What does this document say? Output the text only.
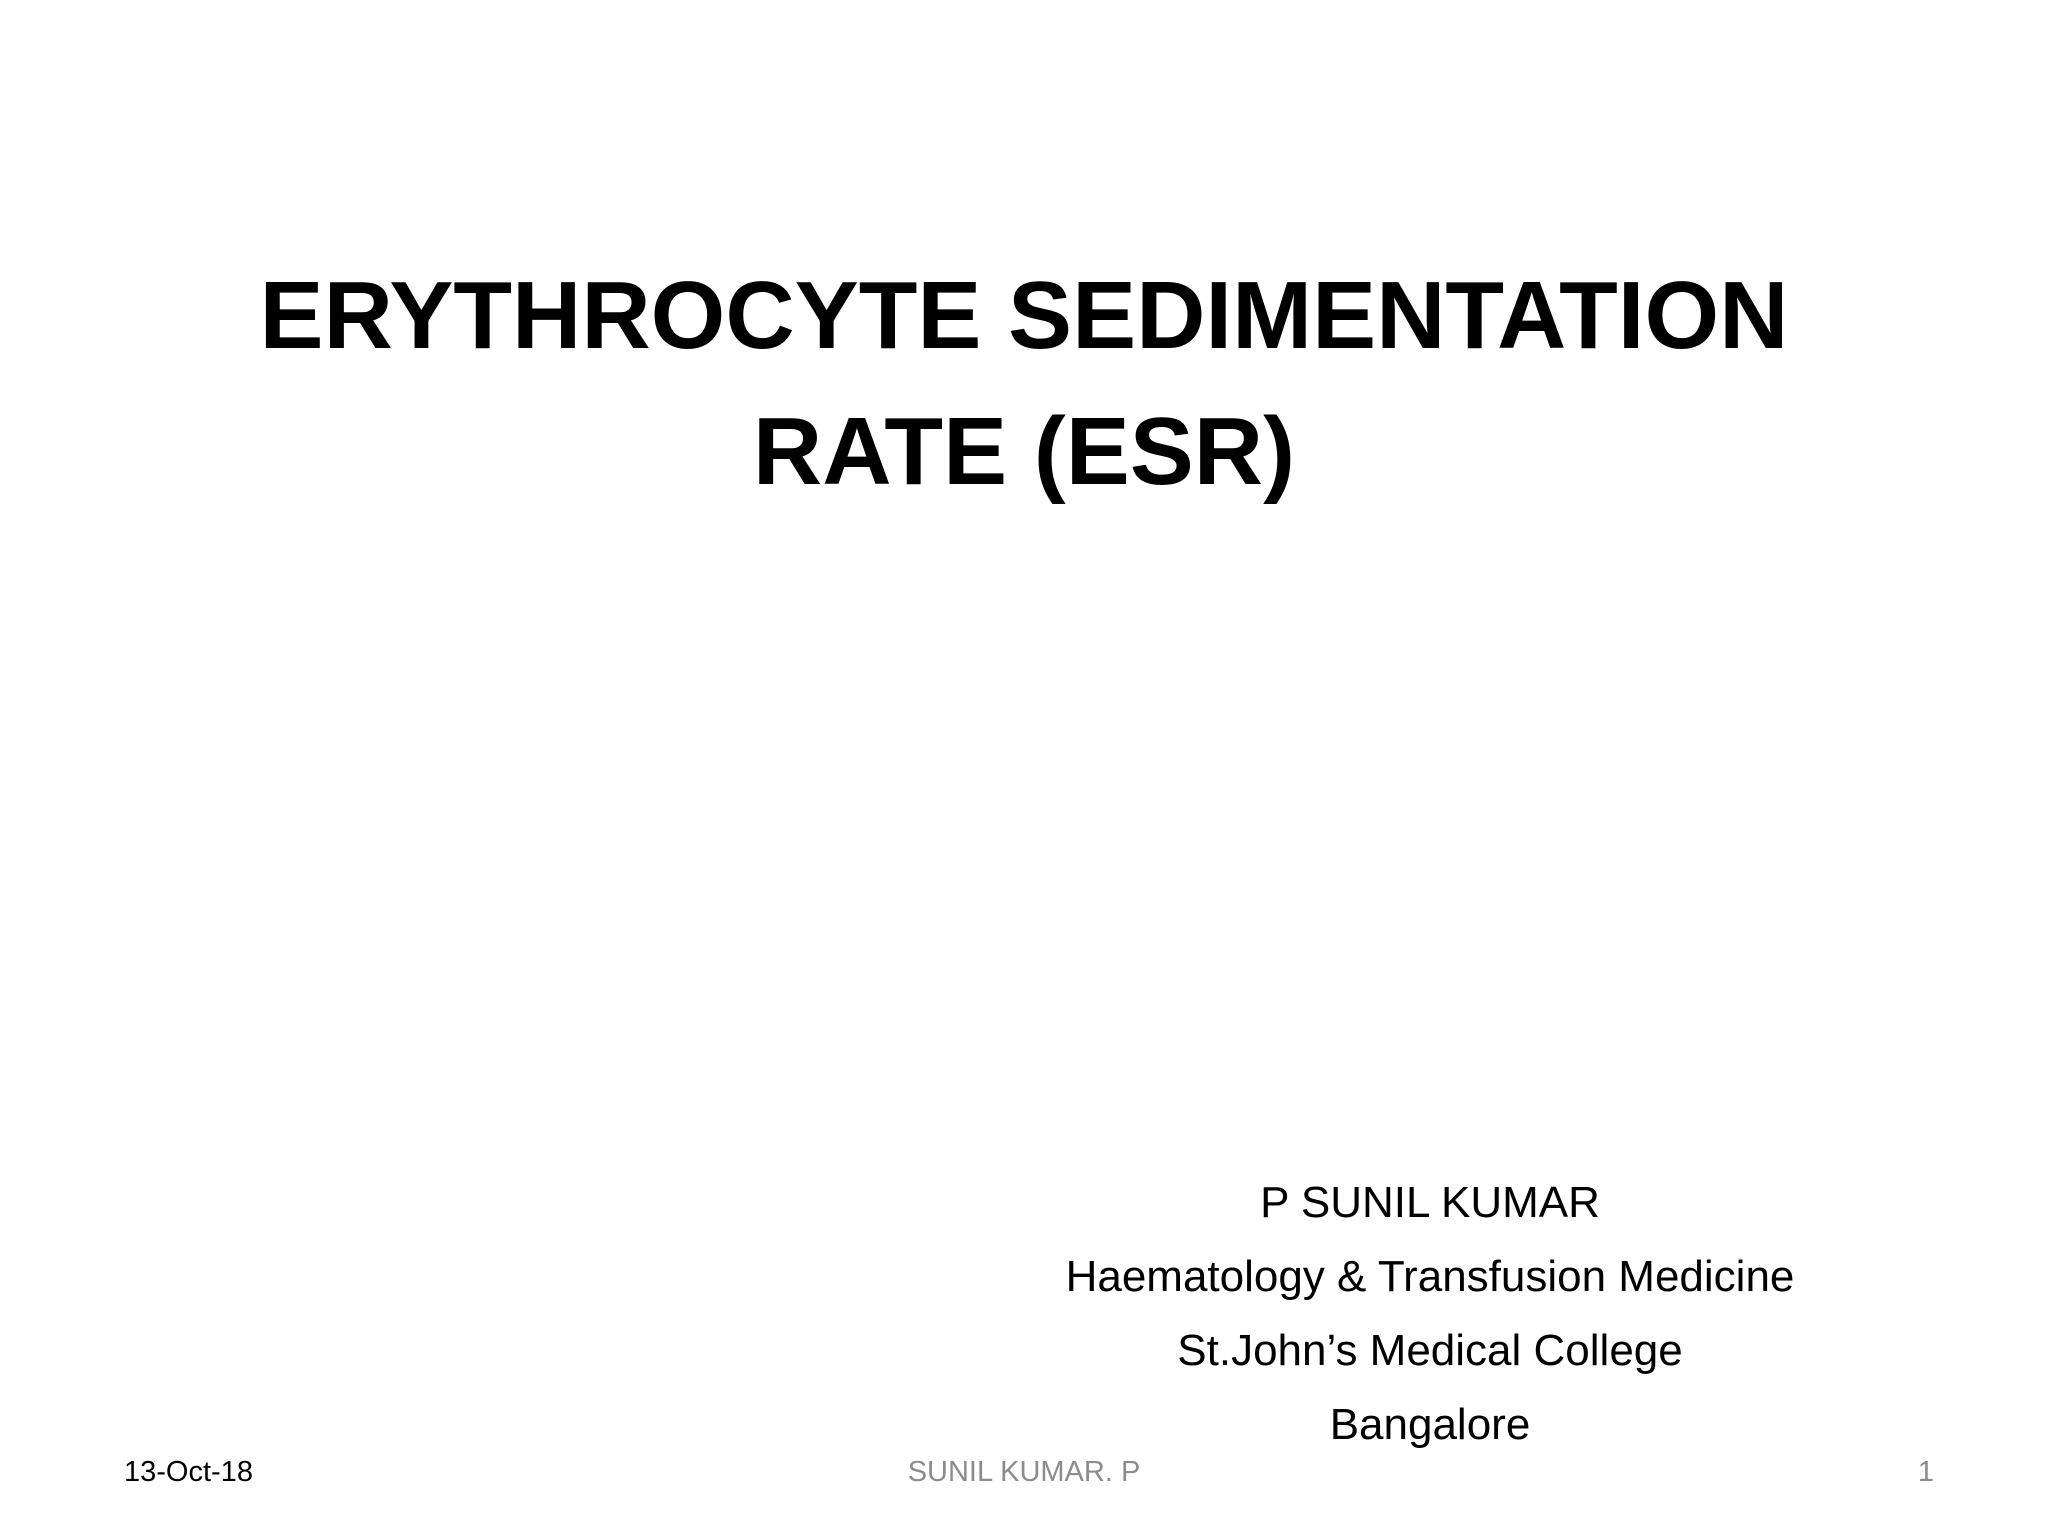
ERYTHROCYTE SEDIMENTATION
RATE (ESR)
P SUNIL KUMAR
Haematology & Transfusion Medicine
St.John’s Medical College
Bangalore
13-Oct-18	SUNIL KUMAR. P	1
